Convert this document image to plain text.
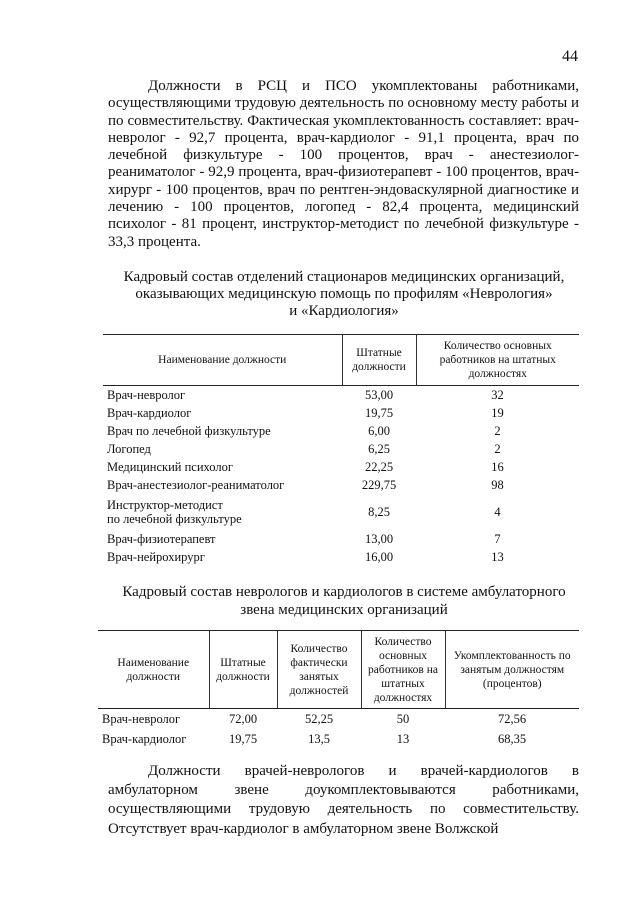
44

Должности в РСЦ и ПСО укомплектованы работниками, осуществляющими трудовую деятельность по основному месту работы и по совместительству. Фактическая укомплектованность составляет: врач-невролог - 92,7 процента, врач-кардиолог - 91,1 процента, врач по лечебной физкультуре - 100 процентов, врач - анестезиолог-реаниматолог - 92,9 процента, врач-физиотерапевт - 100 процентов, врач-хирург - 100 процентов, врач по рентген-эндоваскулярной диагностике и лечению - 100 процентов, логопед - 82,4 процента, медицинский психолог - 81 процент, инструктор-методист по лечебной физкультуре - 33,3 процента.

Кадровый состав отделений стационаров медицинских организаций,
оказывающих медицинскую помощь по профилям «Неврология»
и «Кардиология»
Наименование должности	Штатные должности	Количество основных работников на штатных должностях
Врач-невролог	53,00	32
Врач-кардиолог	19,75	19
Врач по лечебной физкультуре	6,00	2
Логопед	6,25	2
Медицинский психолог	22,25	16
Врач-анестезиолог-реаниматолог	229,75	98

Инструктор-методист
по лечебной физкультуре	8,25	4
Врач-физиотерапевт	13,00	7
Врач-нейрохирург	16,00	13
Кадровый состав неврологов и кардиологов в системе амбулаторного
звена медицинских организаций
Наименование должности	Штатные должности	Количество фактически занятых должностей	Количество основных работников на штатных должностях	Укомплектованность по занятым должностям (процентов)
Врач-невролог	72,00	52,25	50	72,56
Врач-кардиолог	19,75	13,5	13	68,35

Должности врачей-неврологов и врачей-кардиологов в амбулаторном звене доукомплектовываются работниками, осуществляющими трудовую деятельность по совместительству. Отсутствует врач-кардиолог в амбулаторном звене Волжской
